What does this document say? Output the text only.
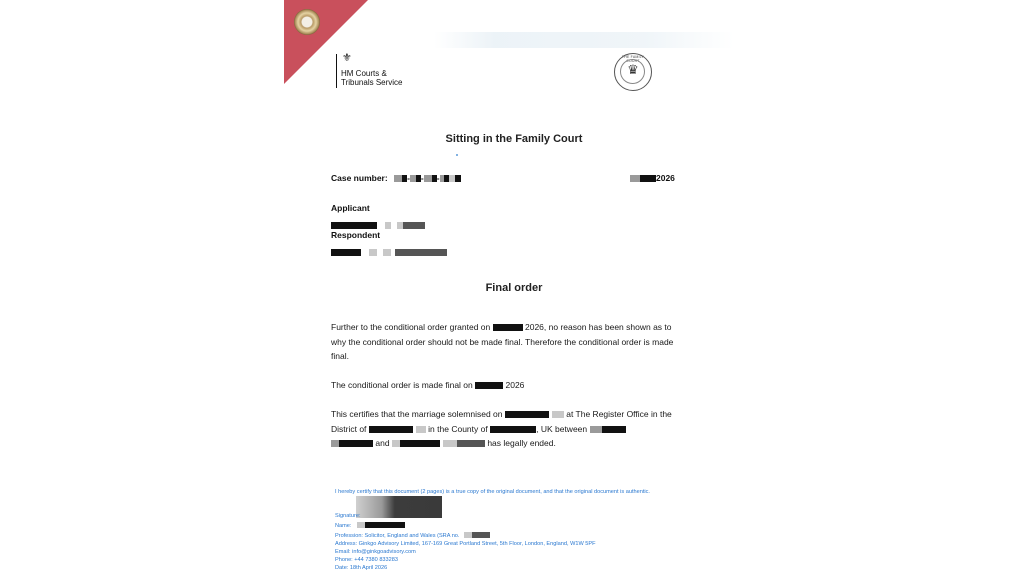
⚜
HM Courts &
Tribunals Service
THE FAMILY COURT
♛
Sitting in the Family Court
Case number: - - -	2026
Applicant
Respondent
Final order
Further to the conditional order granted on	2026, no reason has been shown as to why the conditional order should not be made final. Therefore the conditional order is made final.
The conditional order is made final on	2026
This certifies that the marriage solemnised on	at The Register Office in the District of	in the County of	, UK between
and	has legally ended.
I hereby certify that this document (2 pages) is a true copy of the original document, and that the original document is authentic.
Signature:
Name:
Profession: Solicitor, England and Wales (SRA no.
Address: Ginkgo Advisory Limited, 167-169 Great Portland Street, 5th Floor, London, England, W1W 5PF
Email: info@ginkgoadvisory.com
Phone: +44 7380 833283
Date: 18th April 2026
